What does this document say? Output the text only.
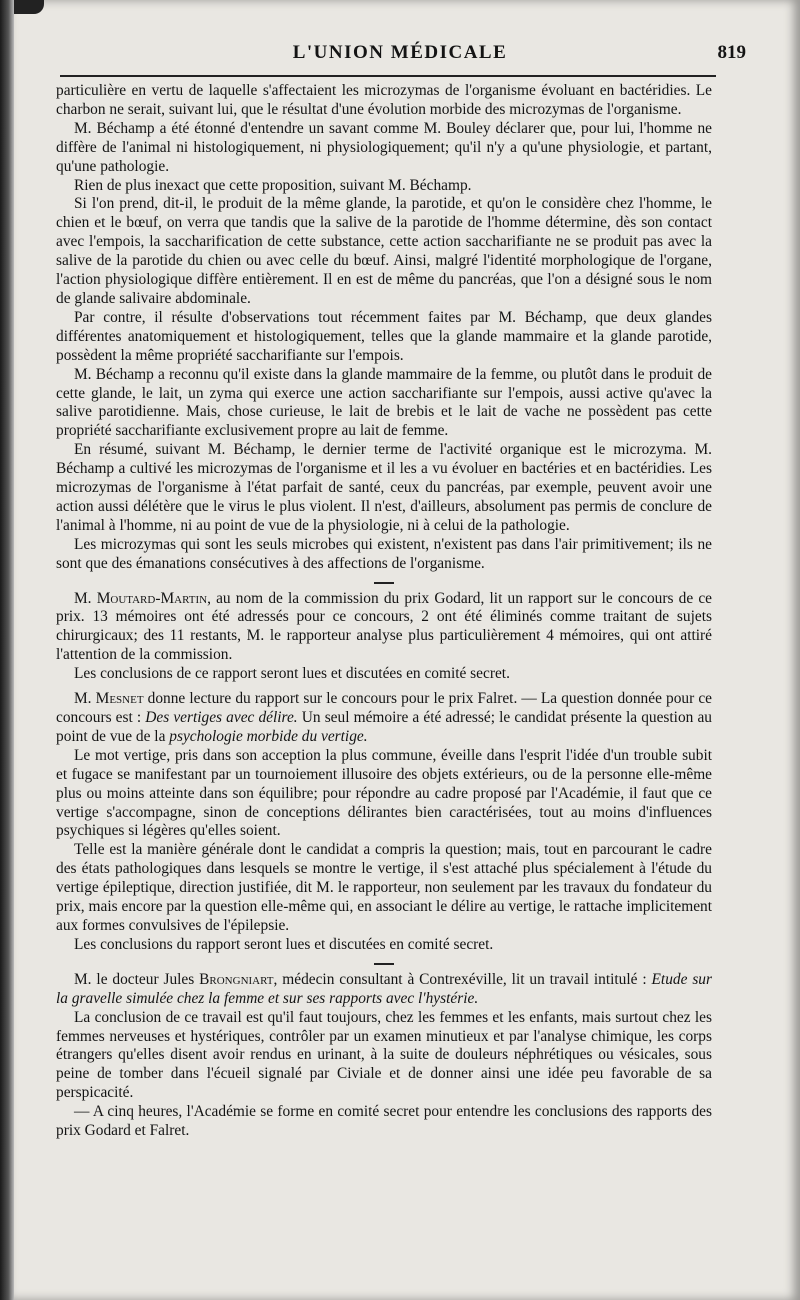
L'UNION MÉDICALE	819

particulière en vertu de laquelle s'affectaient les microzymas de l'organisme évoluant en bactéridies. Le charbon ne serait, suivant lui, que le résultat d'une évolution morbide des microzymas de l'organisme.

M. Béchamp a été étonné d'entendre un savant comme M. Bouley déclarer que, pour lui, l'homme ne diffère de l'animal ni histologiquement, ni physiologiquement; qu'il n'y a qu'une physiologie, et partant, qu'une pathologie.

Rien de plus inexact que cette proposition, suivant M. Béchamp.

Si l'on prend, dit-il, le produit de la même glande, la parotide, et qu'on le considère chez l'homme, le chien et le bœuf, on verra que tandis que la salive de la parotide de l'homme détermine, dès son contact avec l'empois, la saccharification de cette substance, cette action saccharifiante ne se produit pas avec la salive de la parotide du chien ou avec celle du bœuf. Ainsi, malgré l'identité morphologique de l'organe, l'action physiologique diffère entièrement. Il en est de même du pancréas, que l'on a désigné sous le nom de glande salivaire abdominale.

Par contre, il résulte d'observations tout récemment faites par M. Béchamp, que deux glandes différentes anatomiquement et histologiquement, telles que la glande mammaire et la glande parotide, possèdent la même propriété saccharifiante sur l'empois.

M. Béchamp a reconnu qu'il existe dans la glande mammaire de la femme, ou plutôt dans le produit de cette glande, le lait, un zyma qui exerce une action saccharifiante sur l'empois, aussi active qu'avec la salive parotidienne. Mais, chose curieuse, le lait de brebis et le lait de vache ne possèdent pas cette propriété saccharifiante exclusivement propre au lait de femme.

En résumé, suivant M. Béchamp, le dernier terme de l'activité organique est le microzyma. M. Béchamp a cultivé les microzymas de l'organisme et il les a vu évoluer en bactéries et en bactéridies. Les microzymas de l'organisme à l'état parfait de santé, ceux du pancréas, par exemple, peuvent avoir une action aussi délétère que le virus le plus violent. Il n'est, d'ailleurs, absolument pas permis de conclure de l'animal à l'homme, ni au point de vue de la physiologie, ni à celui de la pathologie.

Les microzymas qui sont les seuls microbes qui existent, n'existent pas dans l'air primitivement; ils ne sont que des émanations consécutives à des affections de l'organisme.

M. Moutard-Martin, au nom de la commission du prix Godard, lit un rapport sur le concours de ce prix. 13 mémoires ont été adressés pour ce concours, 2 ont été éliminés comme traitant de sujets chirurgicaux; des 11 restants, M. le rapporteur analyse plus particulièrement 4 mémoires, qui ont attiré l'attention de la commission.

Les conclusions de ce rapport seront lues et discutées en comité secret.

M. Mesnet donne lecture du rapport sur le concours pour le prix Falret. — La question donnée pour ce concours est : Des vertiges avec délire. Un seul mémoire a été adressé; le candidat présente la question au point de vue de la psychologie morbide du vertige.

Le mot vertige, pris dans son acception la plus commune, éveille dans l'esprit l'idée d'un trouble subit et fugace se manifestant par un tournoiement illusoire des objets extérieurs, ou de la personne elle-même plus ou moins atteinte dans son équilibre; pour répondre au cadre proposé par l'Académie, il faut que ce vertige s'accompagne, sinon de conceptions délirantes bien caractérisées, tout au moins d'influences psychiques si légères qu'elles soient.

Telle est la manière générale dont le candidat a compris la question; mais, tout en parcourant le cadre des états pathologiques dans lesquels se montre le vertige, il s'est attaché plus spécialement à l'étude du vertige épileptique, direction justifiée, dit M. le rapporteur, non seulement par les travaux du fondateur du prix, mais encore par la question elle-même qui, en associant le délire au vertige, le rattache implicitement aux formes convulsives de l'épilepsie.

Les conclusions du rapport seront lues et discutées en comité secret.

M. le docteur Jules Brongniart, médecin consultant à Contrexéville, lit un travail intitulé : Etude sur la gravelle simulée chez la femme et sur ses rapports avec l'hystérie.

La conclusion de ce travail est qu'il faut toujours, chez les femmes et les enfants, mais surtout chez les femmes nerveuses et hystériques, contrôler par un examen minutieux et par l'analyse chimique, les corps étrangers qu'elles disent avoir rendus en urinant, à la suite de douleurs néphrétiques ou vésicales, sous peine de tomber dans l'écueil signalé par Civiale et de donner ainsi une idée peu favorable de sa perspicacité.

— A cinq heures, l'Académie se forme en comité secret pour entendre les conclusions des rapports des prix Godard et Falret.
